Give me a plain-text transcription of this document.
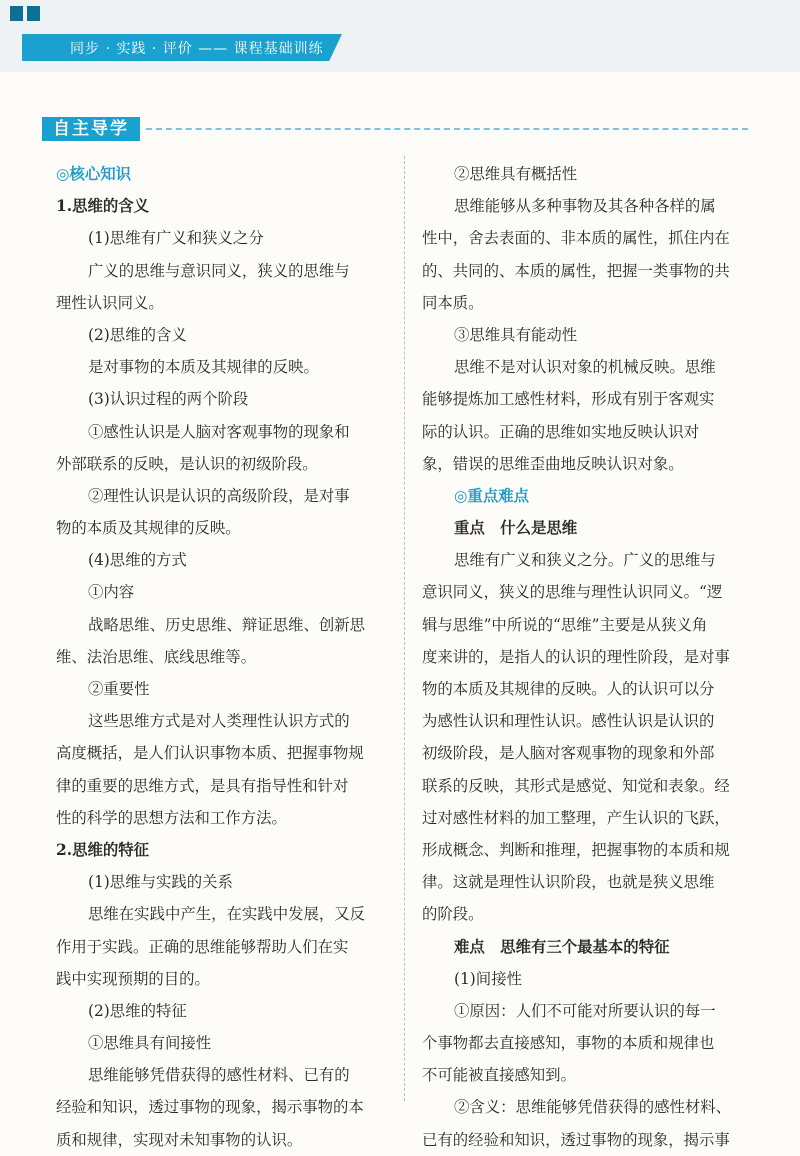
同步 · 实践 · 评价 —— 课程基础训练
自主导学
◎核心知识
1.思维的含义
(1)思维有广义和狭义之分
广义的思维与意识同义，狭义的思维与
理性认识同义。
(2)思维的含义
是对事物的本质及其规律的反映。
(3)认识过程的两个阶段
①感性认识是人脑对客观事物的现象和
外部联系的反映，是认识的初级阶段。
②理性认识是认识的高级阶段，是对事
物的本质及其规律的反映。
(4)思维的方式
①内容
战略思维、历史思维、辩证思维、创新思
维、法治思维、底线思维等。
②重要性
这些思维方式是对人类理性认识方式的
高度概括，是人们认识事物本质、把握事物规
律的重要的思维方式，是具有指导性和针对
性的科学的思想方法和工作方法。
2.思维的特征
(1)思维与实践的关系
思维在实践中产生，在实践中发展，又反
作用于实践。正确的思维能够帮助人们在实
践中实现预期的目的。
(2)思维的特征
①思维具有间接性
思维能够凭借获得的感性材料、已有的
经验和知识，透过事物的现象，揭示事物的本
质和规律，实现对未知事物的认识。
②思维具有概括性
思维能够从多种事物及其各种各样的属
性中，舍去表面的、非本质的属性，抓住内在
的、共同的、本质的属性，把握一类事物的共
同本质。
③思维具有能动性
思维不是对认识对象的机械反映。思维
能够提炼加工感性材料，形成有别于客观实
际的认识。正确的思维如实地反映认识对
象，错误的思维歪曲地反映认识对象。
◎重点难点
重点　什么是思维
思维有广义和狭义之分。广义的思维与
意识同义，狭义的思维与理性认识同义。“逻
辑与思维”中所说的“思维”主要是从狭义角
度来讲的，是指人的认识的理性阶段，是对事
物的本质及其规律的反映。人的认识可以分
为感性认识和理性认识。感性认识是认识的
初级阶段，是人脑对客观事物的现象和外部
联系的反映，其形式是感觉、知觉和表象。经
过对感性材料的加工整理，产生认识的飞跃，
形成概念、判断和推理，把握事物的本质和规
律。这就是理性认识阶段，也就是狭义思维
的阶段。
难点　思维有三个最基本的特征
(1)间接性
①原因：人们不可能对所要认识的每一
个事物都去直接感知，事物的本质和规律也
不可能被直接感知到。
②含义：思维能够凭借获得的感性材料、
已有的经验和知识，透过事物的现象，揭示事
